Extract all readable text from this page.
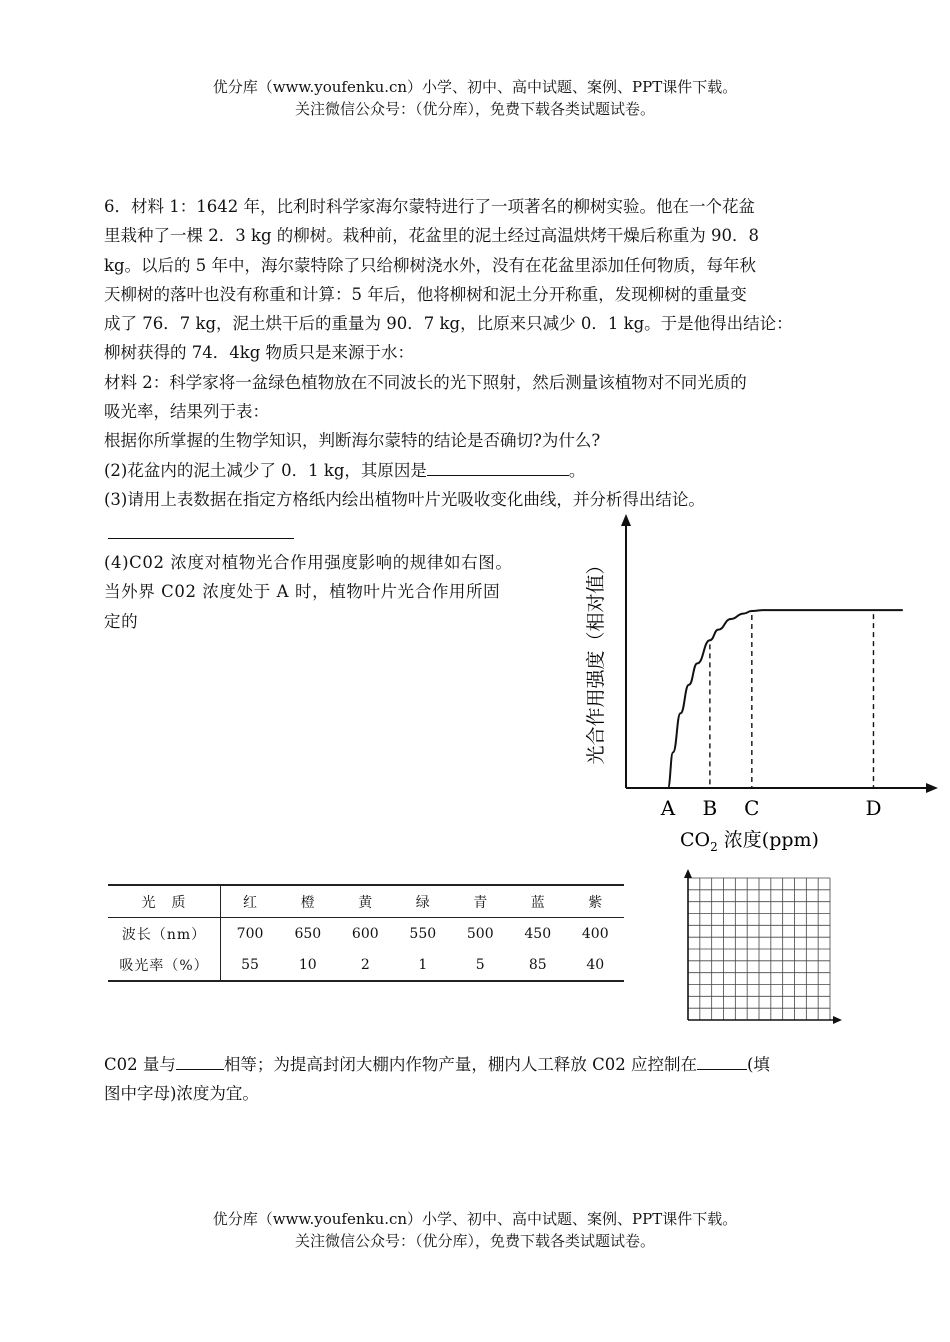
优分库（www.youfenku.cn）小学、初中、高中试题、案例、PPT课件下载。
关注微信公众号：（优分库），免费下载各类试题试卷。

6．材料 1：1642 年，比利时科学家海尔蒙特进行了一项著名的柳树实验。他在一个花盆

里栽种了一棵 2．3 kg 的柳树。栽种前，花盆里的泥土经过高温烘烤干燥后称重为 90．8

kg。以后的 5 年中，海尔蒙特除了只给柳树浇水外，没有在花盆里添加任何物质，每年秋

天柳树的落叶也没有称重和计算：5 年后，他将柳树和泥土分开称重，发现柳树的重量变

成了 76．7 kg，泥土烘干后的重量为 90．7 kg，比原来只减少 0．1 kg。于是他得出结论：

柳树获得的 74．4kg 物质只是来源于水：

材料 2：科学家将一盆绿色植物放在不同波长的光下照射，然后测量该植物对不同光质的

吸光率，结果列于表：

根据你所掌握的生物学知识，判断海尔蒙特的结论是否确切?为什么?

(2)花盆内的泥土减少了 0．1 kg，其原因是	。

(3)请用上表数据在指定方格纸内绘出植物叶片光吸收变化曲线，并分析得出结论。

(4)C02 浓度对植物光合作用强度影响的规律如右图。

当外界 C02 浓度处于 A 时，植物叶片光合作用所固

定的	光合作用强度（相对值）
A B C	D
$CO_2$ 浓度(ppm)
光　质	红	橙	黄	绿	青	蓝	紫
波长（nm）	700	650	600	550	500	450	400
吸光率（%）	55	10	2	1	5	85	40

C02 量与	相等；为提高封闭大棚内作物产量，棚内人工释放 C02 应控制在	(填

图中字母)浓度为宜。

优分库（www.youfenku.cn）小学、初中、高中试题、案例、PPT课件下载。
关注微信公众号：（优分库），免费下载各类试题试卷。
